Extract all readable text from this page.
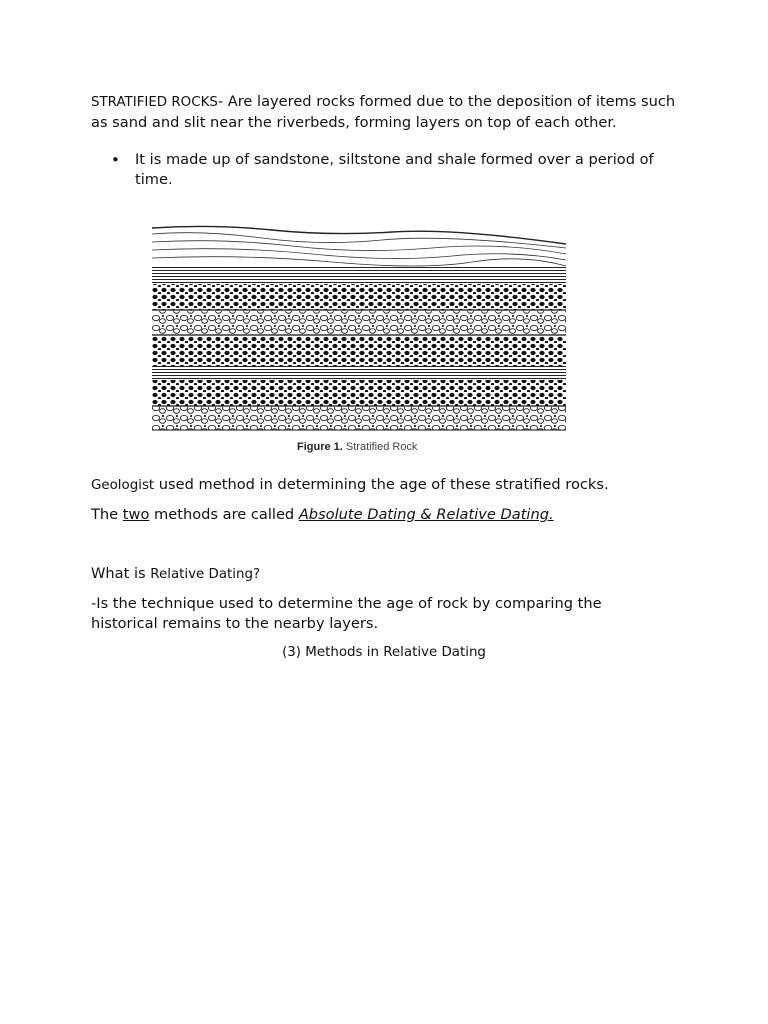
STRATIFIED ROCKS- Are layered rocks formed due to the deposition of items such as sand and slit near the riverbeds, forming layers on top of each other.

•	It is made up of sandstone, siltstone and shale formed over a period of time.
Figure 1. Stratified Rock

Geologist used method in determining the age of these stratified rocks.

The two methods are called Absolute Dating & Relative Dating.

What is Relative Dating?

-Is the technique used to determine the age of rock by comparing the historical remains to the nearby layers.

(3) Methods in Relative Dating
